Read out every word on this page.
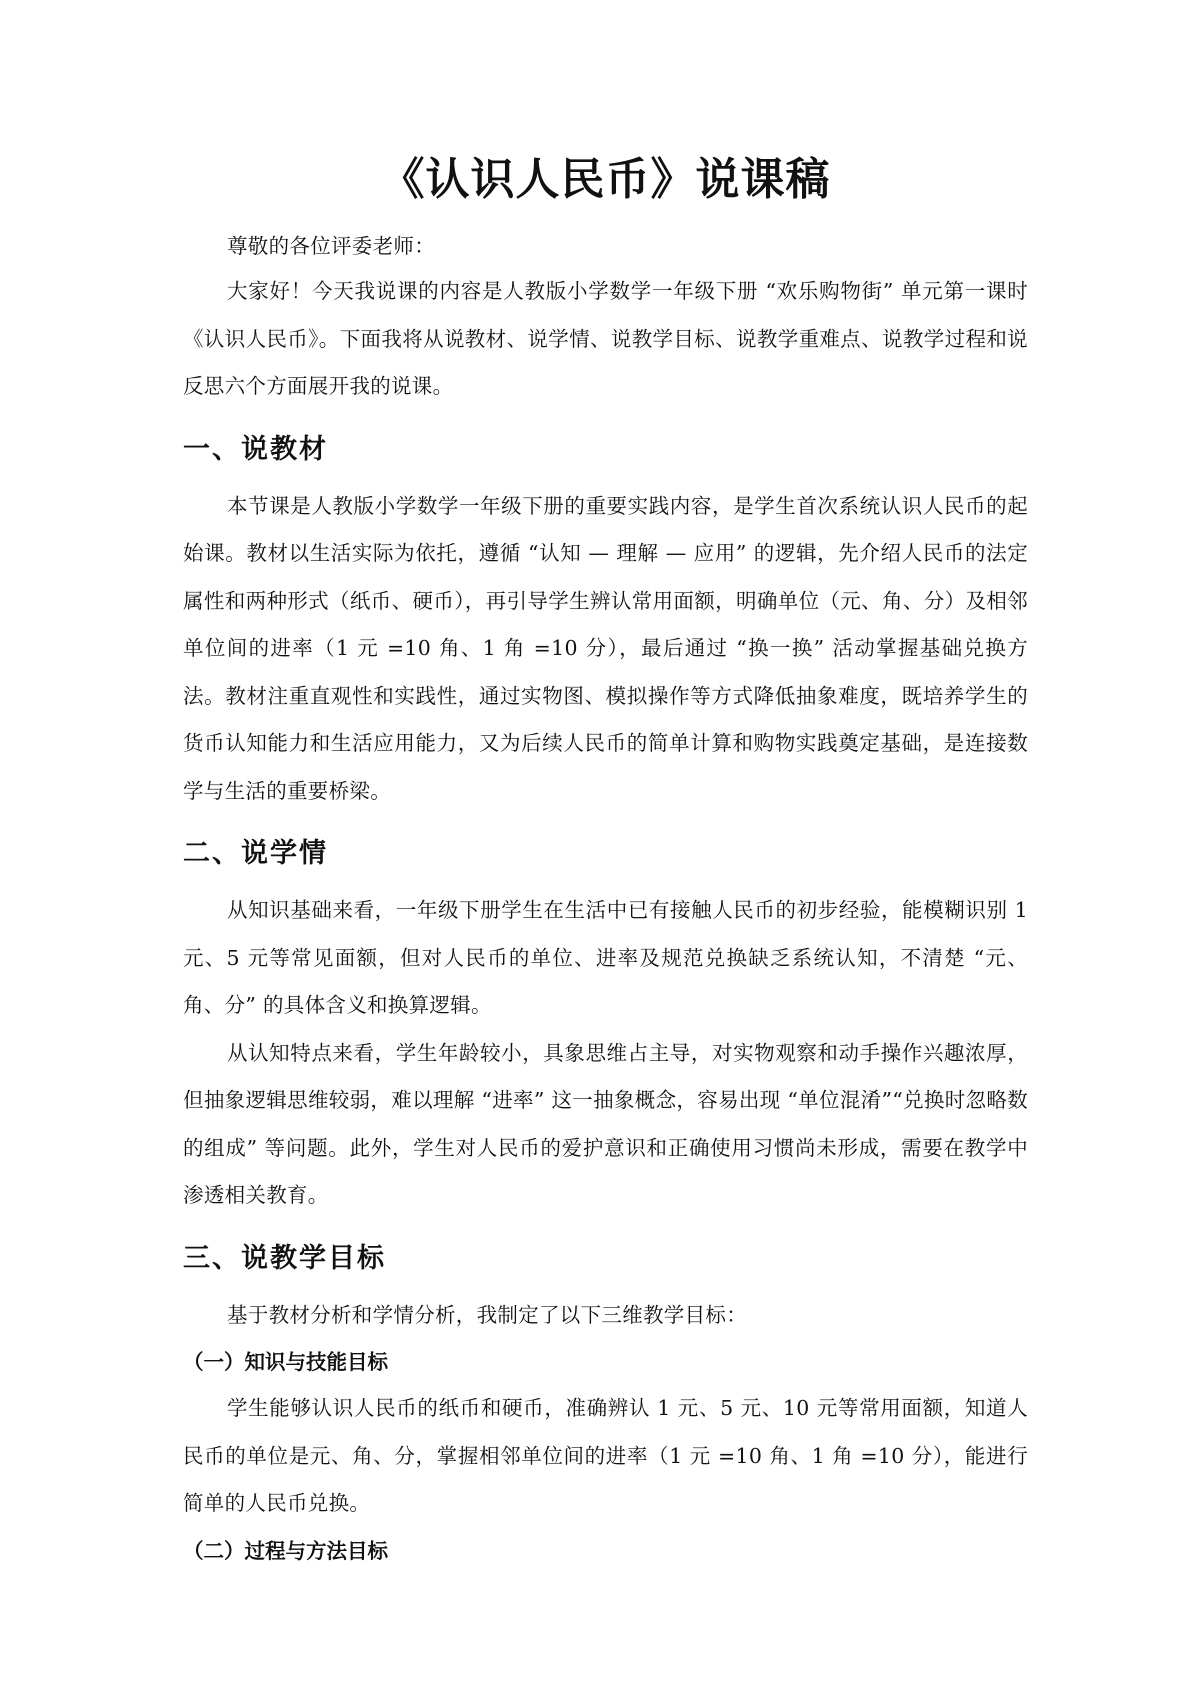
《认识人民币》说课稿

尊敬的各位评委老师：

大家好！今天我说课的内容是人教版小学数学一年级下册 “欢乐购物街” 单元第一课时《认识人民币》。下面我将从说教材、说学情、说教学目标、说教学重难点、说教学过程和说反思六个方面展开我的说课。

一、说教材

本节课是人教版小学数学一年级下册的重要实践内容，是学生首次系统认识人民币的起始课。教材以生活实际为依托，遵循 “认知 — 理解 — 应用” 的逻辑，先介绍人民币的法定属性和两种形式（纸币、硬币），再引导学生辨认常用面额，明确单位（元、角、分）及相邻单位间的进率（1 元 =10 角、1 角 =10 分），最后通过 “换一换” 活动掌握基础兑换方法。教材注重直观性和实践性，通过实物图、模拟操作等方式降低抽象难度，既培养学生的货币认知能力和生活应用能力，又为后续人民币的简单计算和购物实践奠定基础，是连接数学与生活的重要桥梁。

二、说学情

从知识基础来看，一年级下册学生在生活中已有接触人民币的初步经验，能模糊识别 1 元、5 元等常见面额，但对人民币的单位、进率及规范兑换缺乏系统认知，不清楚 “元、角、分” 的具体含义和换算逻辑。

从认知特点来看，学生年龄较小，具象思维占主导，对实物观察和动手操作兴趣浓厚，但抽象逻辑思维较弱，难以理解 “进率” 这一抽象概念，容易出现 “单位混淆”“兑换时忽略数的组成” 等问题。此外，学生对人民币的爱护意识和正确使用习惯尚未形成，需要在教学中渗透相关教育。

三、说教学目标

基于教材分析和学情分析，我制定了以下三维教学目标：

（一）知识与技能目标

学生能够认识人民币的纸币和硬币，准确辨认 1 元、5 元、10 元等常用面额，知道人民币的单位是元、角、分，掌握相邻单位间的进率（1 元 =10 角、1 角 =10 分），能进行简单的人民币兑换。

（二）过程与方法目标
